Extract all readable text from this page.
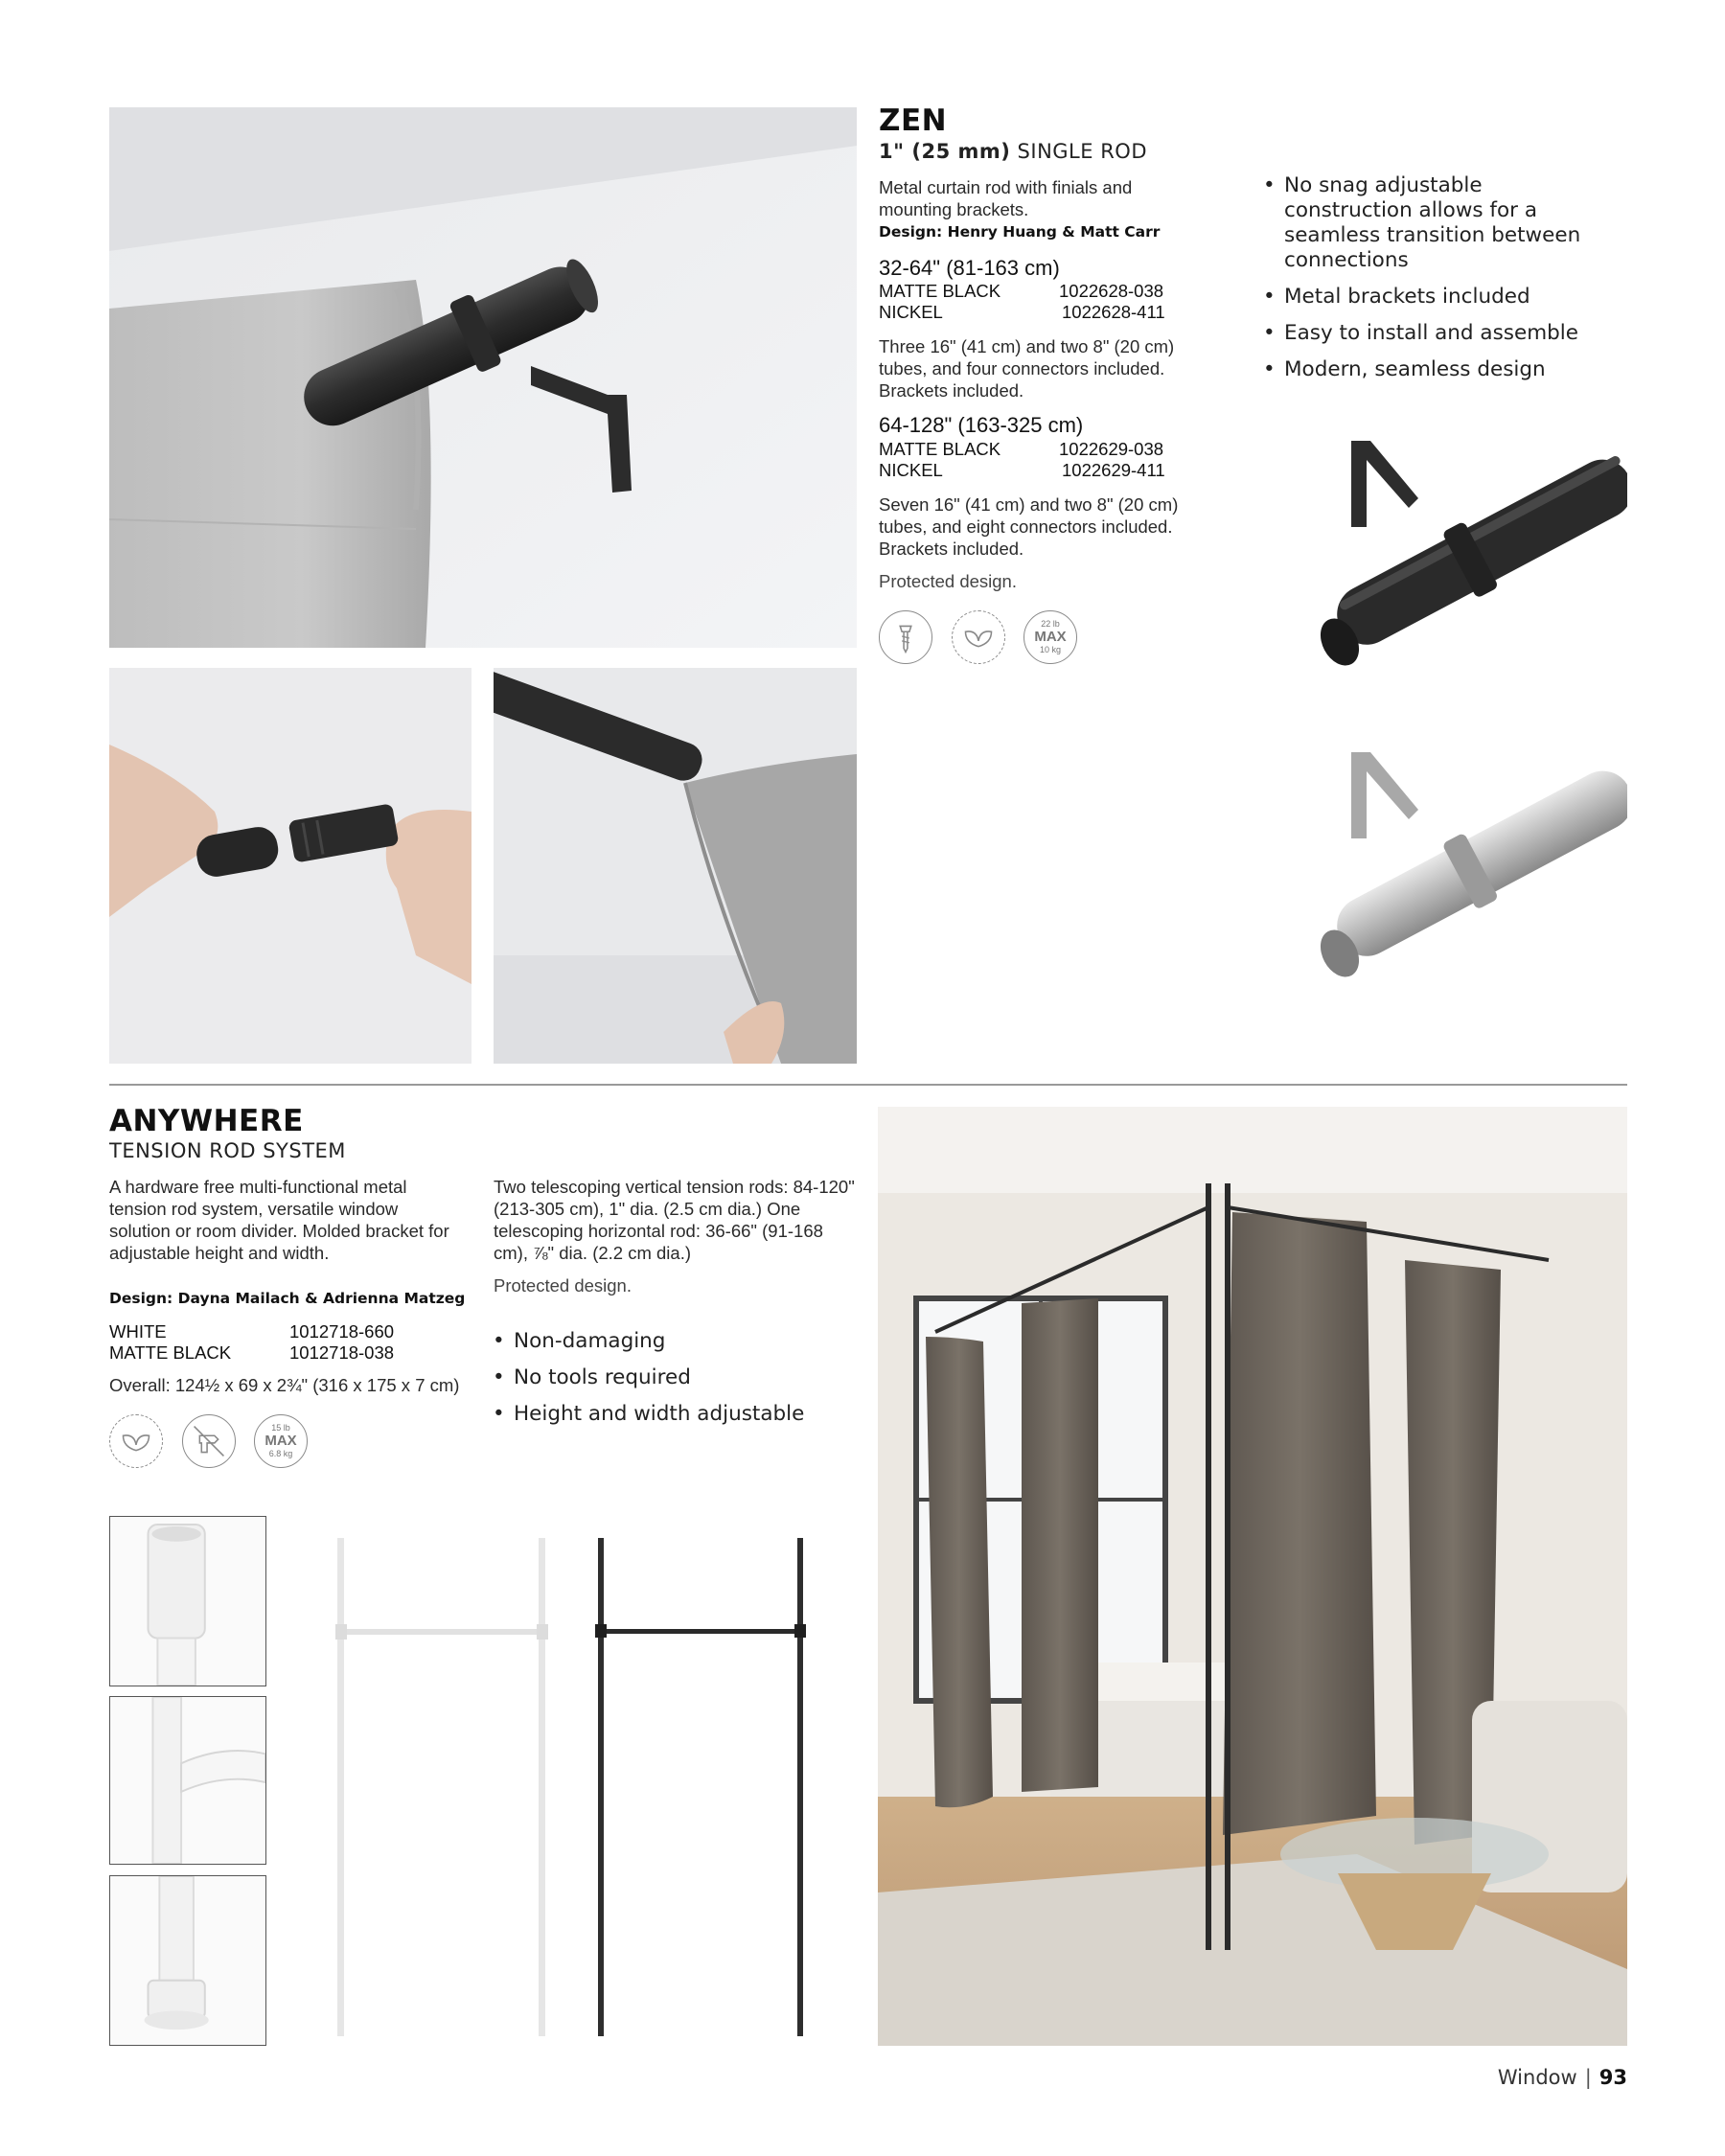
ZEN
1" (25 mm) SINGLE ROD
Metal curtain rod with finials and mounting brackets.
Design: Henry Huang & Matt Carr
32-64" (81-163 cm)
MATTE BLACK	1022628-038
NICKEL	1022628-411
Three 16" (41 cm) and two 8" (20 cm) tubes, and four connectors included. Brackets included.
64-128" (163-325 cm)
MATTE BLACK	1022629-038
NICKEL	1022629-411
Seven 16" (41 cm) and two 8" (20 cm) tubes, and eight connectors included. Brackets included.
Protected design.
22 lb
MAX
10 kg
• No snag adjustable construction allows for a seamless transition between connections
• Metal brackets included
• Easy to install and assemble
• Modern, seamless design
ANYWHERE
TENSION ROD SYSTEM
A hardware free multi-functional metal tension rod system, versatile window solution or room divider. Molded bracket for adjustable height and width.
Design: Dayna Mailach & Adrienna Matzeg
WHITE	1012718-660
MATTE BLACK	1012718-038
Overall: 124½ x 69 x 2¾" (316 x 175 x 7 cm)
15 lb
MAX
6.8 kg
Two telescoping vertical tension rods: 84-120" (213-305 cm), 1" dia. (2.5 cm dia.) One telescoping horizontal rod: 36-66" (91-168 cm), ⅞" dia. (2.2 cm dia.)
Protected design.
• Non-damaging
• No tools required
• Height and width adjustable
Window | 93
